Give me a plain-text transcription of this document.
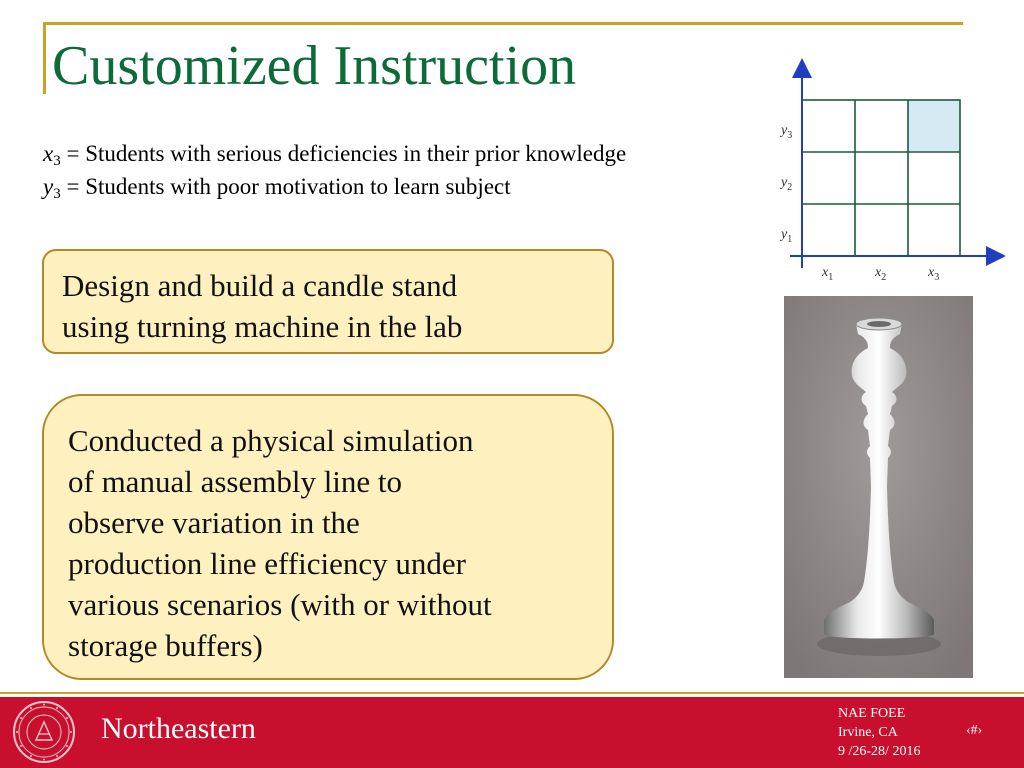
Customized Instruction
$x_3$ = Students with serious deficiencies in their prior knowledge
$y_3$ = Students with poor motivation to learn subject
$y_3$
$y_2$
$y_1$
$x_1$	$x_2$	$x_3$
Design and build a candle stand
using turning machine in the lab
Conducted a physical simulation
of manual assembly line to
observe variation in the
production line efficiency under
various scenarios (with or without
storage buffers)
Northeastern	NAE FOEE
Irvine, CA
9 /26-28/ 2016
‹#›
